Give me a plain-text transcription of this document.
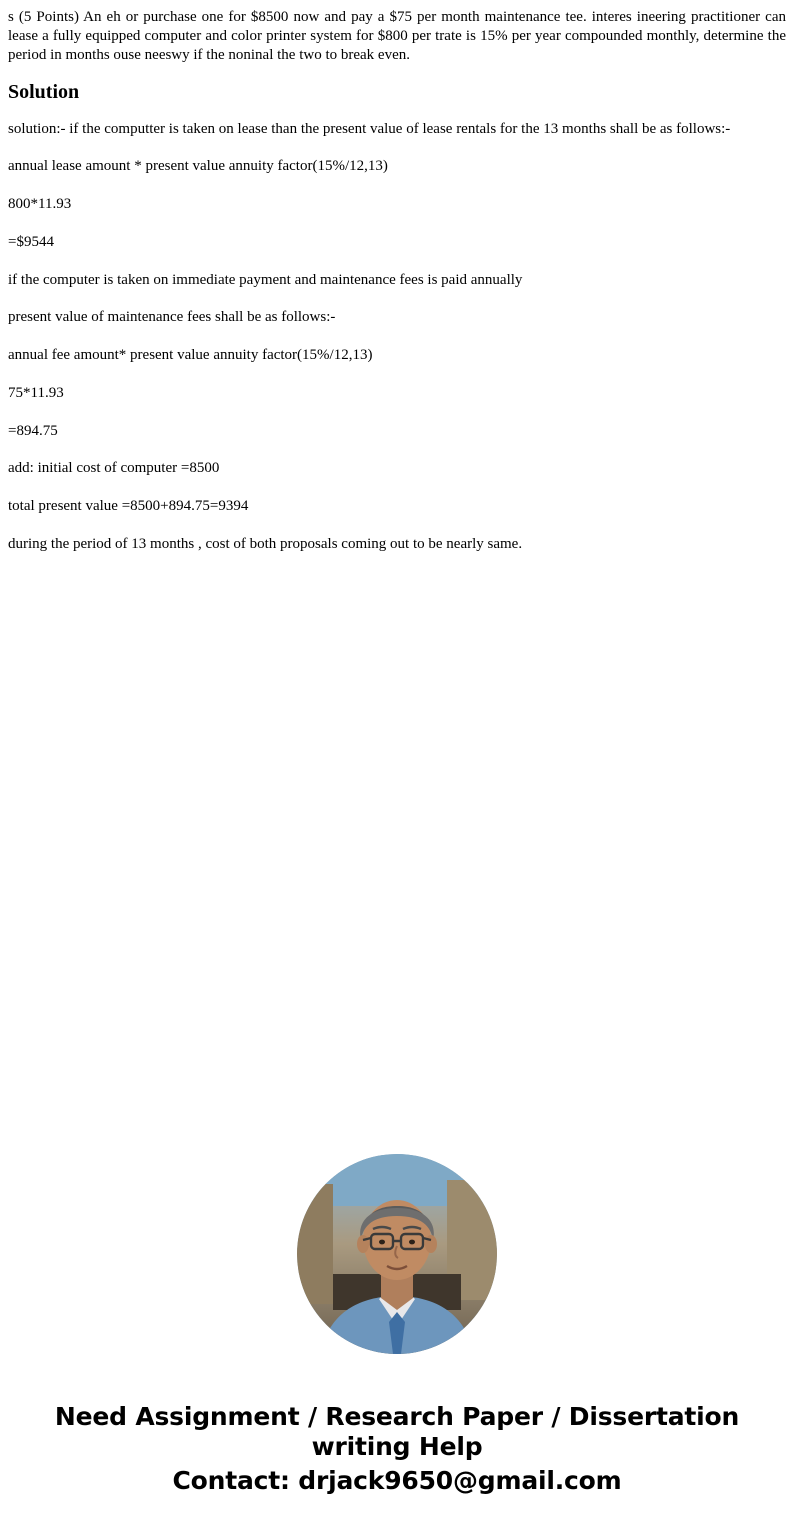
s (5 Points) An eh or purchase one for $8500 now and pay a $75 per month maintenance tee. interes ineering practitioner can lease a fully equipped computer and color printer system for $800 per trate is 15% per year compounded monthly, determine the period in months ouse neeswy if the noninal the two to break even.

Solution

solution:- if the computter is taken on lease than the present value of lease rentals for the 13 months shall be as follows:-

annual lease amount * present value annuity factor(15%/12,13)

800*11.93

=$9544

if the computer is taken on immediate payment and maintenance fees is paid annually

present value of maintenance fees shall be as follows:-

annual fee amount* present value annuity factor(15%/12,13)

75*11.93

=894.75

add: initial cost of computer =8500

total present value =8500+894.75=9394

during the period of 13 months , cost of both proposals coming out to be nearly same.

Need Assignment / Research Paper / Dissertation
writing Help
Contact: drjack9650@gmail.com
